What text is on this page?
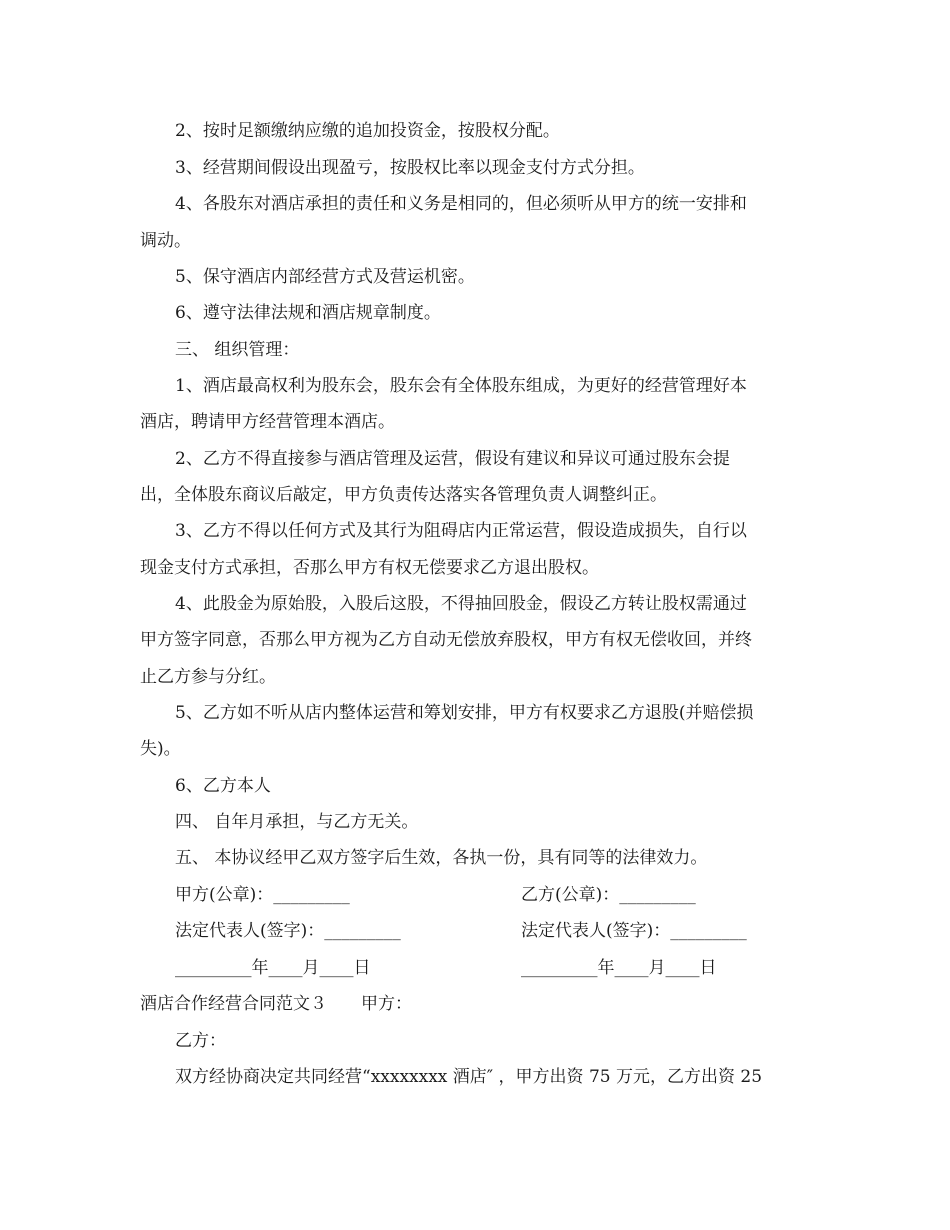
2、按时足额缴纳应缴的追加投资金，按股权分配。
3、经营期间假设出现盈亏，按股权比率以现金支付方式分担。
4、各股东对酒店承担的责任和义务是相同的，但必须听从甲方的统一安排和
调动。
5、保守酒店内部经营方式及营运机密。
6、遵守法律法规和酒店规章制度。
三、 组织管理：
1、酒店最高权利为股东会，股东会有全体股东组成，为更好的经营管理好本
酒店，聘请甲方经营管理本酒店。
2、乙方不得直接参与酒店管理及运营，假设有建议和异议可通过股东会提
出，全体股东商议后敲定，甲方负责传达落实各管理负责人调整纠正。
3、乙方不得以任何方式及其行为阻碍店内正常运营，假设造成损失，自行以
现金支付方式承担，否那么甲方有权无偿要求乙方退出股权。
4、此股金为原始股，入股后这股，不得抽回股金，假设乙方转让股权需通过
甲方签字同意，否那么甲方视为乙方自动无偿放弃股权，甲方有权无偿收回，并终
止乙方参与分红。
5、乙方如不听从店内整体运营和筹划安排，甲方有权要求乙方退股(并赔偿损
失)。
6、乙方本人
四、 自年月承担，与乙方无关。
五、 本协议经甲乙双方签字后生效，各执一份，具有同等的法律效力。
甲方(公章)：_________	乙方(公章)：_________
法定代表人(签字)：_________	法定代表人(签字)：_________
_________年____月____日	_________年____月____日
酒店合作经营合同范文３　　甲方：
乙方：
双方经协商决定共同经营“xxxxxxxx 酒店″ ，甲方出资 75 万元，乙方出资 25
